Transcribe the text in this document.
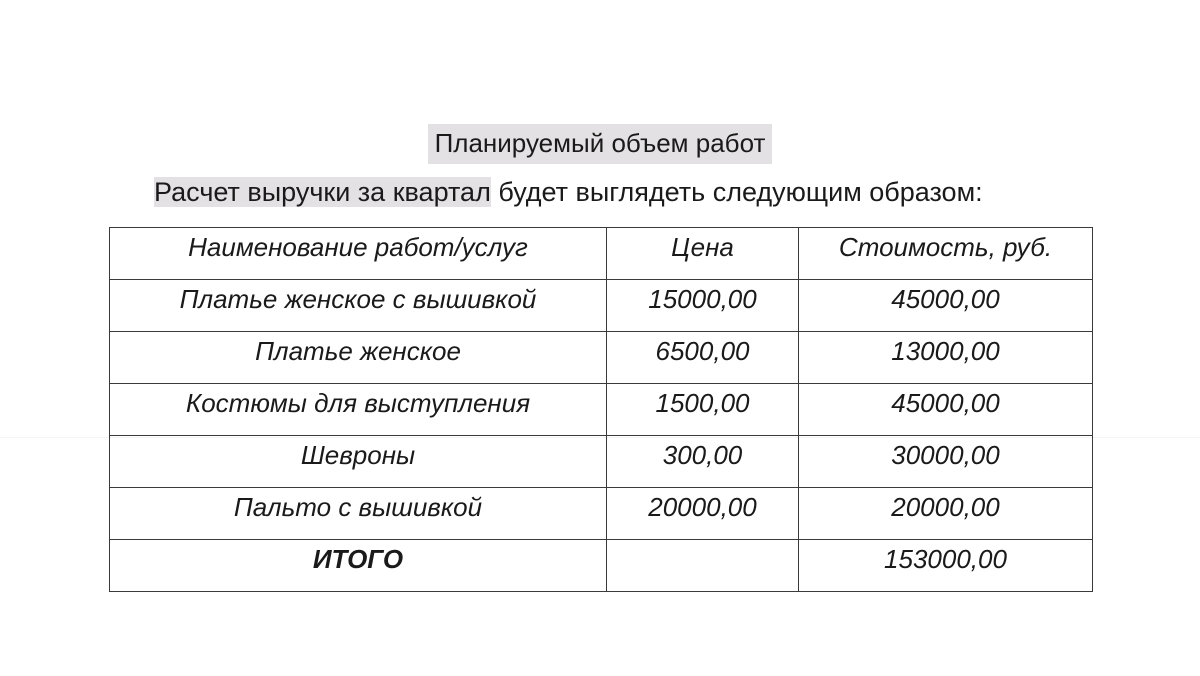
Планируемый объем работ
Расчет выручки за квартал будет выглядеть следующим образом:
Наименование работ/услуг	Цена	Стоимость, руб.
Платье женское с вышивкой	15000,00	45000,00
Платье женское	6500,00	13000,00
Костюмы для выступления	1500,00	45000,00
Шевроны	300,00	30000,00
Пальто с вышивкой	20000,00	20000,00
ИТОГО		153000,00
